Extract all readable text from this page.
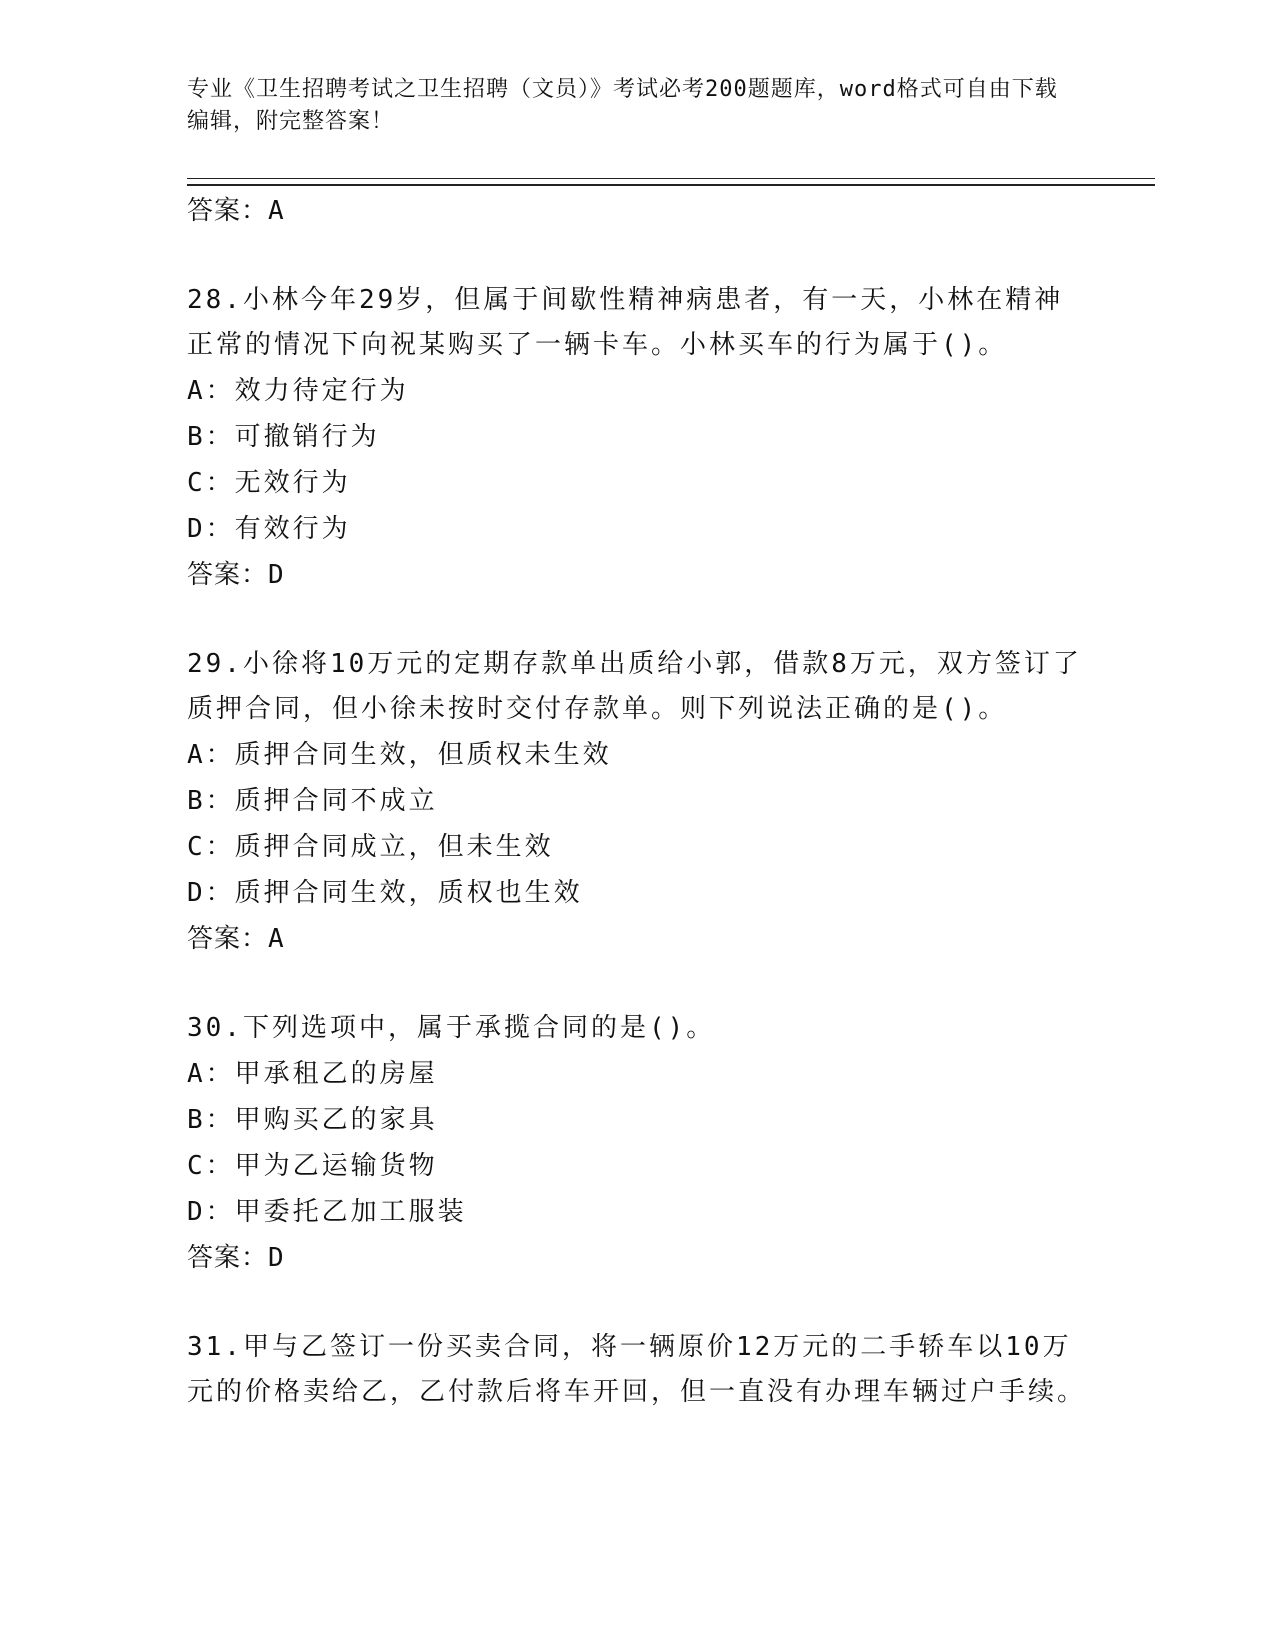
专业《卫生招聘考试之卫生招聘（文员）》考试必考200题题库，word格式可自由下载编辑，附完整答案！
答案：A
28.小林今年29岁，但属于间歇性精神病患者，有一天，小林在精神正常的情况下向祝某购买了一辆卡车。小林买车的行为属于()。
A：效力待定行为
B：可撤销行为
C：无效行为
D：有效行为
答案：D
29.小徐将10万元的定期存款单出质给小郭，借款8万元，双方签订了质押合同，但小徐未按时交付存款单。则下列说法正确的是()。
A：质押合同生效，但质权未生效
B：质押合同不成立
C：质押合同成立，但未生效
D：质押合同生效，质权也生效
答案：A
30.下列选项中，属于承揽合同的是()。
A：甲承租乙的房屋
B：甲购买乙的家具
C：甲为乙运输货物
D：甲委托乙加工服装
答案：D
31.甲与乙签订一份买卖合同，将一辆原价12万元的二手轿车以10万元的价格卖给乙，乙付款后将车开回，但一直没有办理车辆过户手续。
